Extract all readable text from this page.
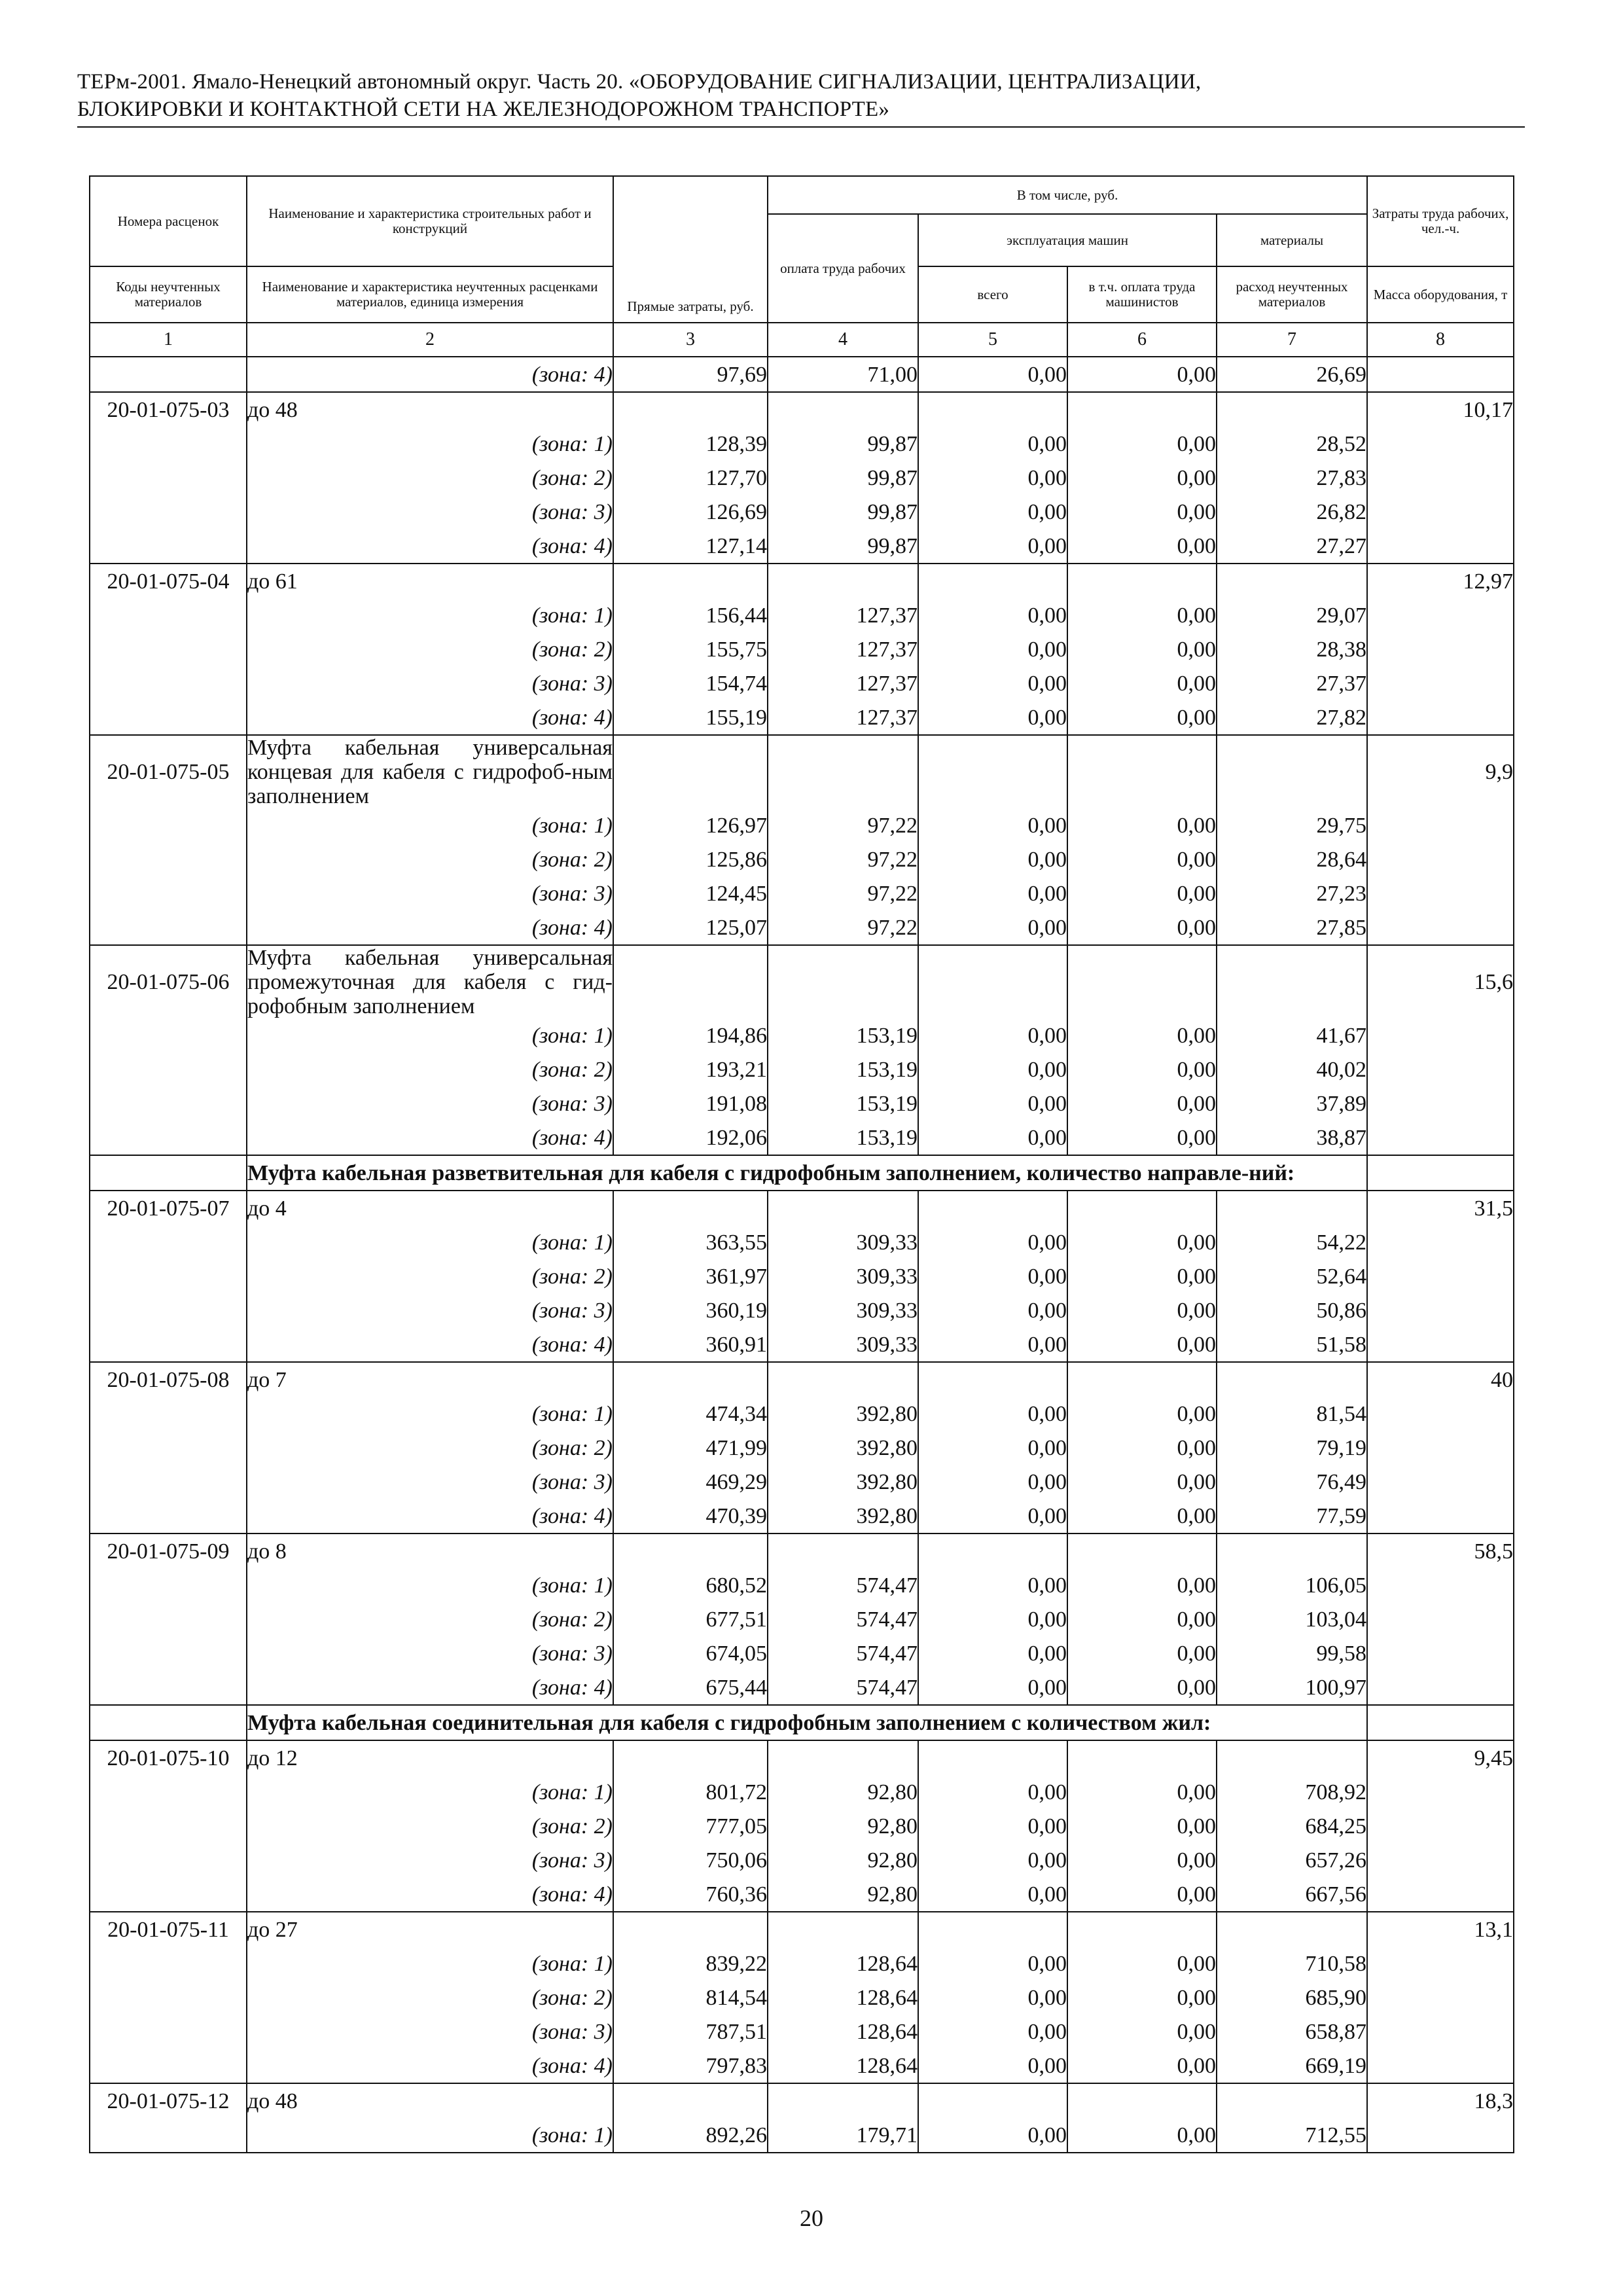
ТЕРм-2001. Ямало-Ненецкий автономный округ. Часть 20. «ОБОРУДОВАНИЕ СИГНАЛИЗАЦИИ, ЦЕНТРАЛИЗАЦИИ,
БЛОКИРОВКИ И КОНТАКТНОЙ СЕТИ НА ЖЕЛЕЗНОДОРОЖНОМ ТРАНСПОРТЕ»
Номера расценок	Наименование и характеристика строительных работ и конструкций	Прямые затраты, руб.	В том числе, руб.				Затраты труда рабочих, чел.-ч.
			оплата труда рабочих	эксплуатация машин		материалы	
Коды неучтенных материалов	Наименование и характеристика неучтенных расценками материалов, единица измерения			всего	в т.ч. оплата труда машинистов	расход неучтенных материалов	Масса оборудования, т
1	2	3	4	5	6	7	8
	(зона: 4)	97,69	71,00	0,00	0,00	26,69	
20-01-075-03	до 48						10,17
	(зона: 1)	128,39	99,87	0,00	0,00	28,52	
	(зона: 2)	127,70	99,87	0,00	0,00	27,83	
	(зона: 3)	126,69	99,87	0,00	0,00	26,82	
	(зона: 4)	127,14	99,87	0,00	0,00	27,27	
20-01-075-04	до 61						12,97
	(зона: 1)	156,44	127,37	0,00	0,00	29,07	
	(зона: 2)	155,75	127,37	0,00	0,00	28,38	
	(зона: 3)	154,74	127,37	0,00	0,00	27,37	
	(зона: 4)	155,19	127,37	0,00	0,00	27,82	
20-01-075-05	Муфта кабельная универсальная концевая для кабеля с гидрофоб-ным заполнением						9,9
	(зона: 1)	126,97	97,22	0,00	0,00	29,75	
	(зона: 2)	125,86	97,22	0,00	0,00	28,64	
	(зона: 3)	124,45	97,22	0,00	0,00	27,23	
	(зона: 4)	125,07	97,22	0,00	0,00	27,85	
20-01-075-06	Муфта кабельная универсальная промежуточная для кабеля с гид-рофобным заполнением						15,6
	(зона: 1)	194,86	153,19	0,00	0,00	41,67	
	(зона: 2)	193,21	153,19	0,00	0,00	40,02	
	(зона: 3)	191,08	153,19	0,00	0,00	37,89	
	(зона: 4)	192,06	153,19	0,00	0,00	38,87	
	Муфта кабельная разветвительная для кабеля с гидрофобным заполнением, количество направле-ний:						
20-01-075-07	до 4						31,5
	(зона: 1)	363,55	309,33	0,00	0,00	54,22	
	(зона: 2)	361,97	309,33	0,00	0,00	52,64	
	(зона: 3)	360,19	309,33	0,00	0,00	50,86	
	(зона: 4)	360,91	309,33	0,00	0,00	51,58	
20-01-075-08	до 7						40
	(зона: 1)	474,34	392,80	0,00	0,00	81,54	
	(зона: 2)	471,99	392,80	0,00	0,00	79,19	
	(зона: 3)	469,29	392,80	0,00	0,00	76,49	
	(зона: 4)	470,39	392,80	0,00	0,00	77,59	
20-01-075-09	до 8						58,5
	(зона: 1)	680,52	574,47	0,00	0,00	106,05	
	(зона: 2)	677,51	574,47	0,00	0,00	103,04	
	(зона: 3)	674,05	574,47	0,00	0,00	99,58	
	(зона: 4)	675,44	574,47	0,00	0,00	100,97	
	Муфта кабельная соединительная для кабеля с гидрофобным заполнением с количеством жил:						
20-01-075-10	до 12						9,45
	(зона: 1)	801,72	92,80	0,00	0,00	708,92	
	(зона: 2)	777,05	92,80	0,00	0,00	684,25	
	(зона: 3)	750,06	92,80	0,00	0,00	657,26	
	(зона: 4)	760,36	92,80	0,00	0,00	667,56	
20-01-075-11	до 27						13,1
	(зона: 1)	839,22	128,64	0,00	0,00	710,58	
	(зона: 2)	814,54	128,64	0,00	0,00	685,90	
	(зона: 3)	787,51	128,64	0,00	0,00	658,87	
	(зона: 4)	797,83	128,64	0,00	0,00	669,19	
20-01-075-12	до 48						18,3
	(зона: 1)	892,26	179,71	0,00	0,00	712,55	
20
